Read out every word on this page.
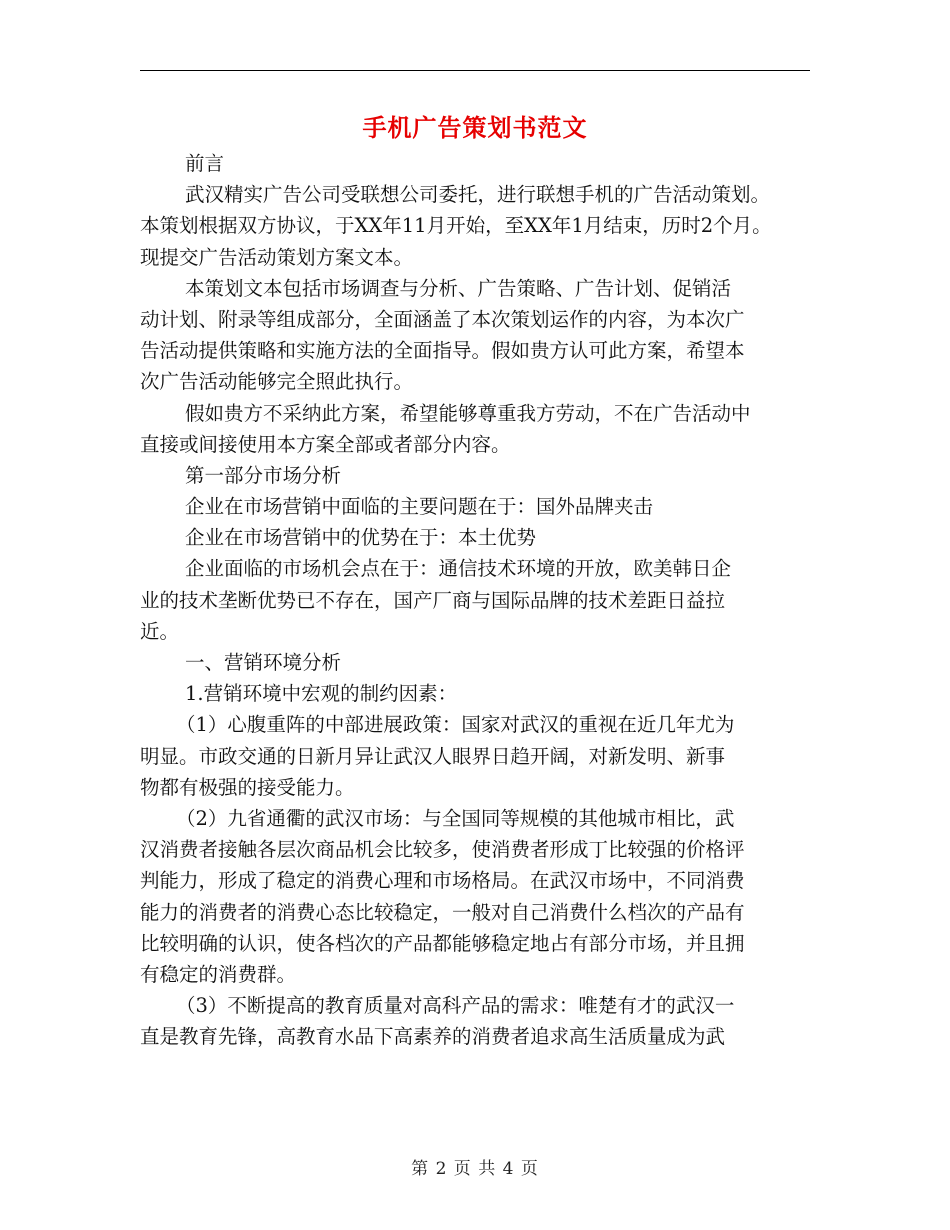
手机广告策划书范文
前言
武汉精实广告公司受联想公司委托，进行联想手机的广告活动策划。
本策划根据双方协议，于XX年11月开始，至XX年1月结束，历时2个月。
现提交广告活动策划方案文本。
本策划文本包括市场调查与分析、广告策略、广告计划、促销活
动计划、附录等组成部分，全面涵盖了本次策划运作的内容，为本次广
告活动提供策略和实施方法的全面指导。假如贵方认可此方案，希望本
次广告活动能够完全照此执行。
假如贵方不采纳此方案，希望能够尊重我方劳动，不在广告活动中
直接或间接使用本方案全部或者部分内容。
第一部分市场分析
企业在市场营销中面临的主要问题在于：国外品牌夹击
企业在市场营销中的优势在于：本土优势
企业面临的市场机会点在于：通信技术环境的开放，欧美韩日企
业的技术垄断优势已不存在，国产厂商与国际品牌的技术差距日益拉
近。
一、营销环境分析
1.营销环境中宏观的制约因素：
（1）心腹重阵的中部进展政策：国家对武汉的重视在近几年尤为
明显。市政交通的日新月异让武汉人眼界日趋开阔，对新发明、新事
物都有极强的接受能力。
（2）九省通衢的武汉市场：与全国同等规模的其他城市相比，武
汉消费者接触各层次商品机会比较多，使消费者形成丁比较强的价格评
判能力，形成了稳定的消费心理和市场格局。在武汉市场中，不同消费
能力的消费者的消费心态比较稳定，一般对自己消费什么档次的产品有
比较明确的认识，使各档次的产品都能够稳定地占有部分市场，并且拥
有稳定的消费群。
（3）不断提高的教育质量对高科产品的需求：唯楚有才的武汉一
直是教育先锋，高教育水品下高素养的消费者追求高生活质量成为武
第 2 页 共 4 页
